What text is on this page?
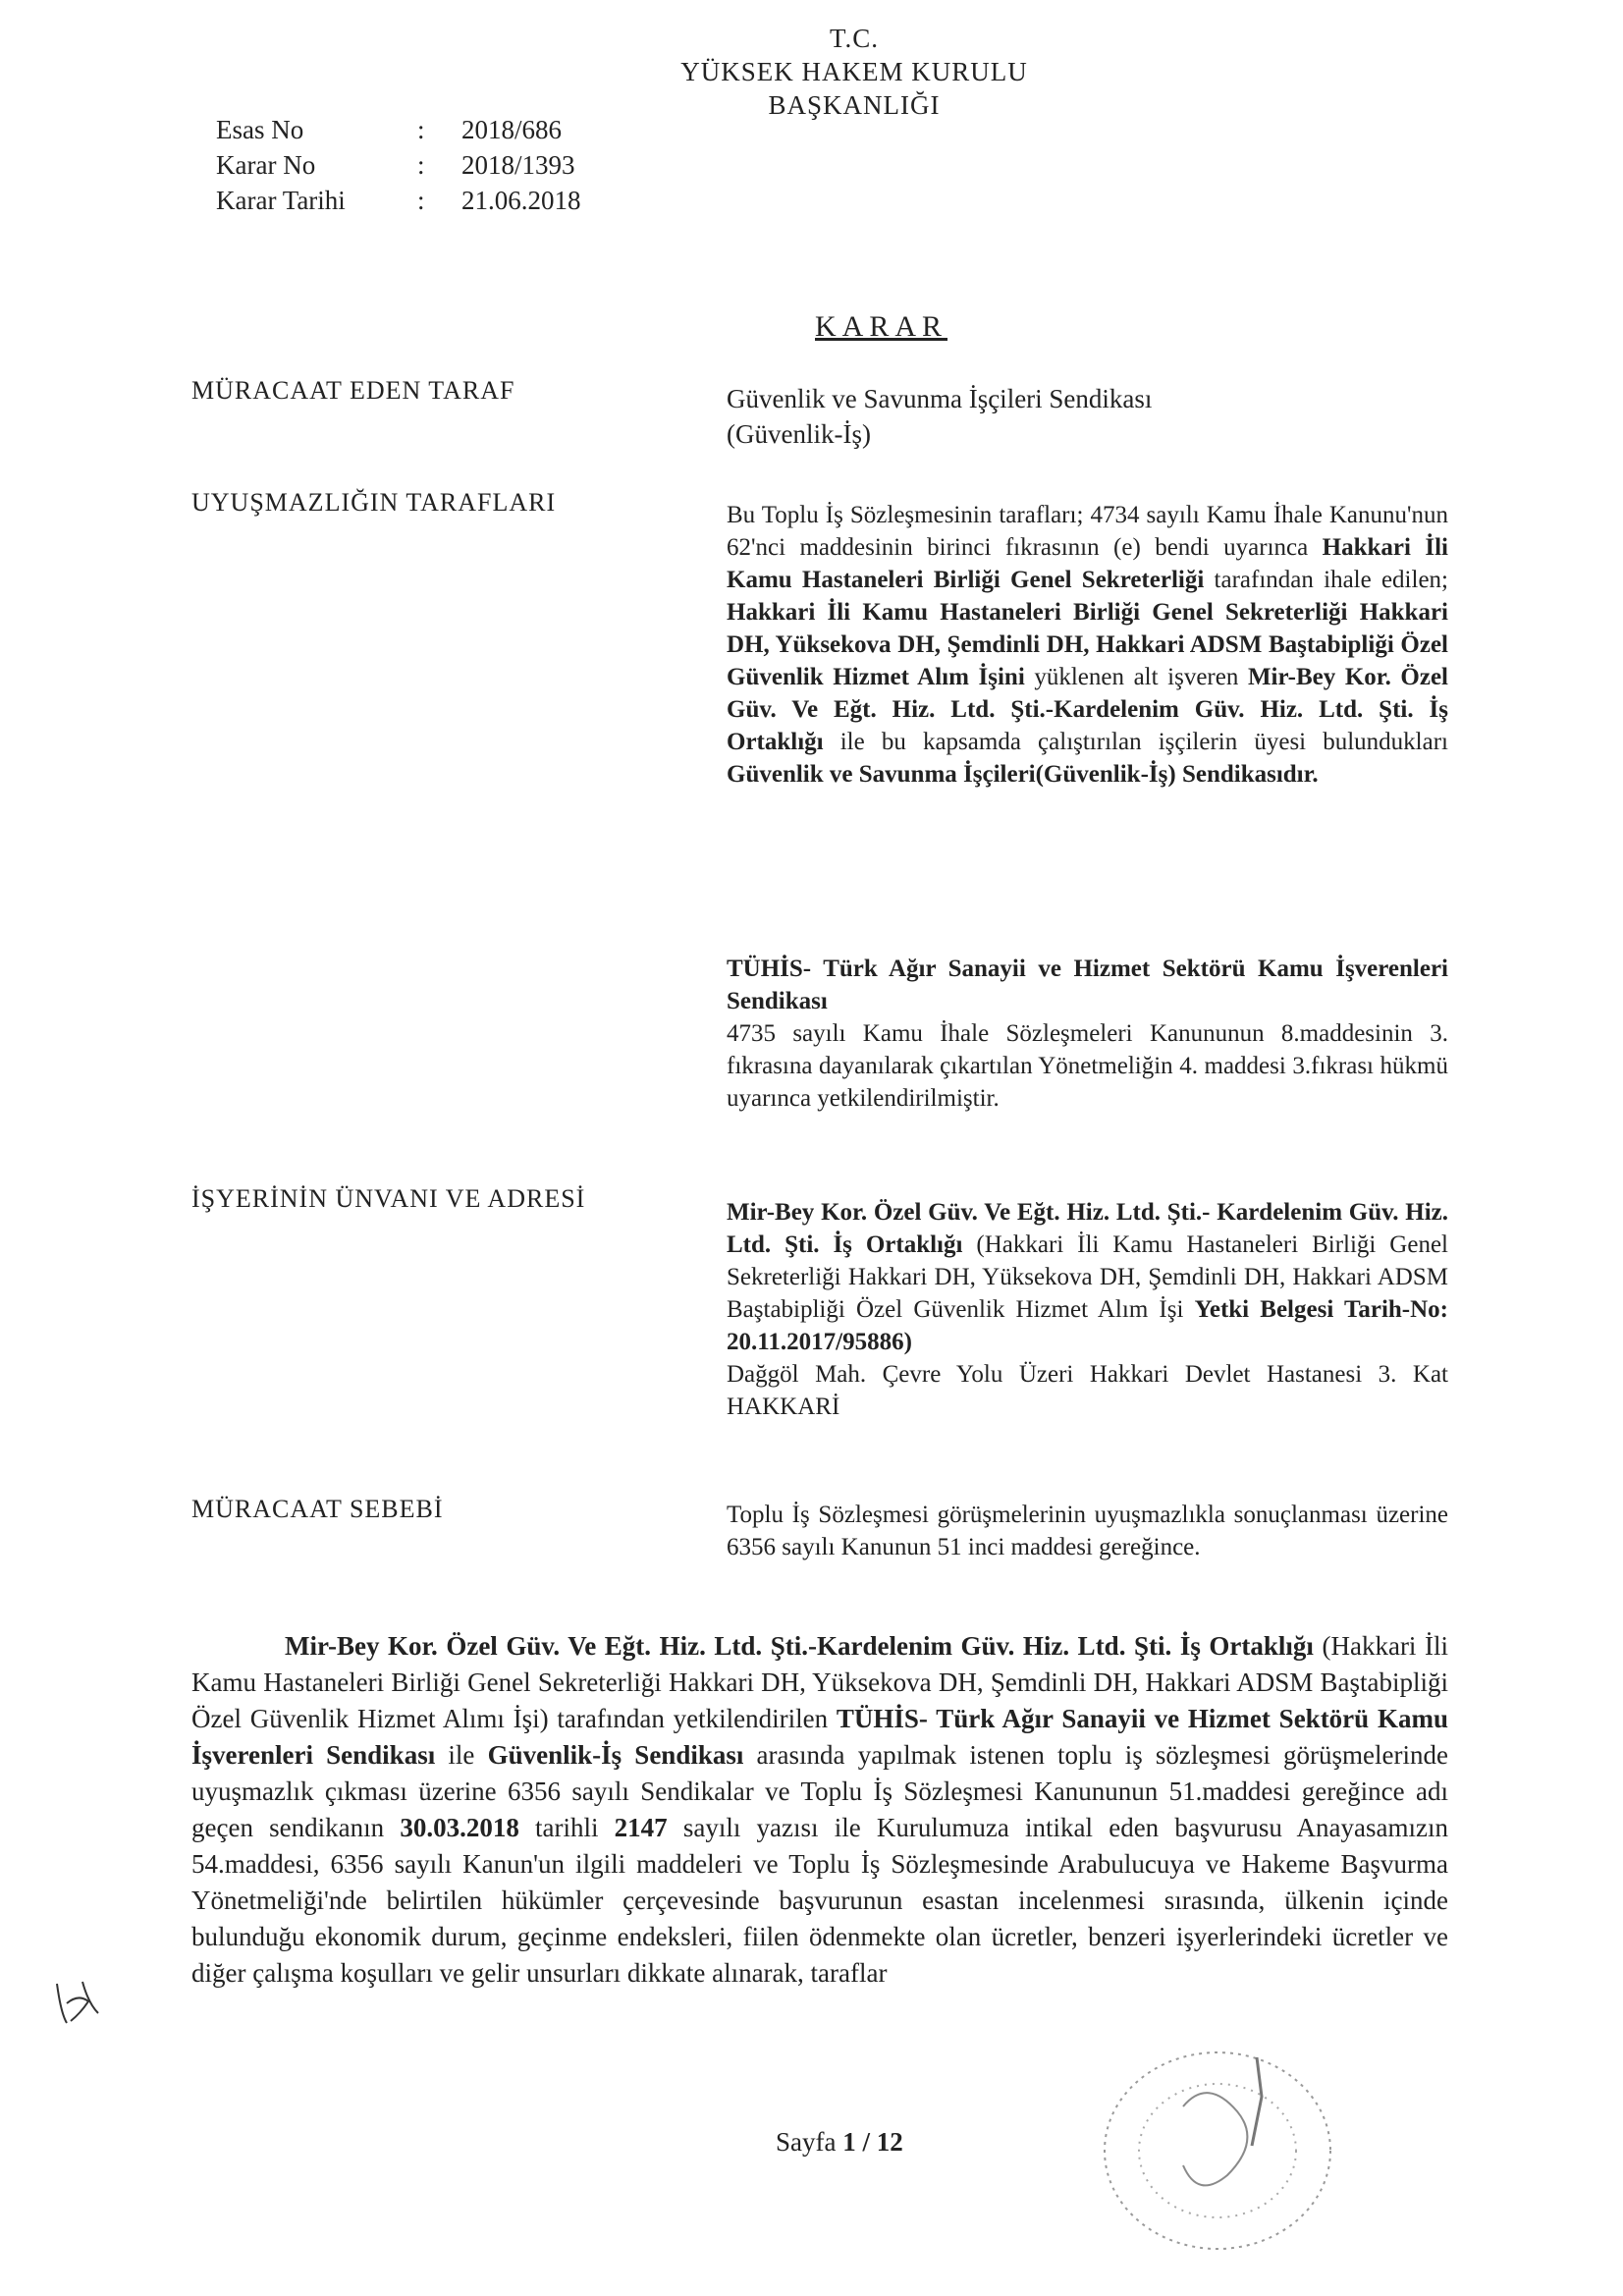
T.C.
YÜKSEK HAKEM KURULU
BAŞKANLIĞI
Esas No	:	2018/686
Karar No	:	2018/1393
Karar Tarihi	:	21.06.2018
KARAR
MÜRACAAT EDEN TARAF	Güvenlik ve Savunma İşçileri Sendikası
(Güvenlik-İş)
UYUŞMAZLIĞIN TARAFLARI	Bu Toplu İş Sözleşmesinin tarafları; 4734 sayılı Kamu İhale Kanunu'nun 62'nci maddesinin birinci fıkrasının (e) bendi uyarınca Hakkari İli Kamu Hastaneleri Birliği Genel Sekreterliği tarafından ihale edilen; Hakkari İli Kamu Hastaneleri Birliği Genel Sekreterliği Hakkari DH, Yüksekova DH, Şemdinli DH, Hakkari ADSM Baştabipliği Özel Güvenlik Hizmet Alım İşini yüklenen alt işveren Mir-Bey Kor. Özel Güv. Ve Eğt. Hiz. Ltd. Şti.-Kardelenim Güv. Hiz. Ltd. Şti. İş Ortaklığı ile bu kapsamda çalıştırılan işçilerin üyesi bulundukları Güvenlik ve Savunma İşçileri(Güvenlik-İş) Sendikasıdır.
TÜHİS- Türk Ağır Sanayii ve Hizmet Sektörü Kamu İşverenleri Sendikası
4735 sayılı Kamu İhale Sözleşmeleri Kanununun 8.maddesinin 3. fıkrasına dayanılarak çıkartılan Yönetmeliğin 4. maddesi 3.fıkrası hükmü uyarınca yetkilendirilmiştir.
İŞYERİNİN ÜNVANI VE ADRESİ	Mir-Bey Kor. Özel Güv. Ve Eğt. Hiz. Ltd. Şti.- Kardelenim Güv. Hiz. Ltd. Şti. İş Ortaklığı (Hakkari İli Kamu Hastaneleri Birliği Genel Sekreterliği Hakkari DH, Yüksekova DH, Şemdinli DH, Hakkari ADSM Baştabipliği Özel Güvenlik Hizmet Alım İşi Yetki Belgesi Tarih-No: 20.11.2017/95886)
Dağgöl Mah. Çevre Yolu Üzeri Hakkari Devlet Hastanesi 3. Kat HAKKARİ
MÜRACAAT SEBEBİ	Toplu İş Sözleşmesi görüşmelerinin uyuşmazlıkla sonuçlanması üzerine 6356 sayılı Kanunun 51 inci maddesi gereğince.
Mir-Bey Kor. Özel Güv. Ve Eğt. Hiz. Ltd. Şti.-Kardelenim Güv. Hiz. Ltd. Şti. İş Ortaklığı (Hakkari İli Kamu Hastaneleri Birliği Genel Sekreterliği Hakkari DH, Yüksekova DH, Şemdinli DH, Hakkari ADSM Baştabipliği Özel Güvenlik Hizmet Alımı İşi) tarafından yetkilendirilen TÜHİS- Türk Ağır Sanayii ve Hizmet Sektörü Kamu İşverenleri Sendikası ile Güvenlik-İş Sendikası arasında yapılmak istenen toplu iş sözleşmesi görüşmelerinde uyuşmazlık çıkması üzerine 6356 sayılı Sendikalar ve Toplu İş Sözleşmesi Kanununun 51.maddesi gereğince adı geçen sendikanın 30.03.2018 tarihli 2147 sayılı yazısı ile Kurulumuza intikal eden başvurusu Anayasamızın 54.maddesi, 6356 sayılı Kanun'un ilgili maddeleri ve Toplu İş Sözleşmesinde Arabulucuya ve Hakeme Başvurma Yönetmeliği'nde belirtilen hükümler çerçevesinde başvurunun esastan incelenmesi sırasında, ülkenin içinde bulunduğu ekonomik durum, geçinme endeksleri, fiilen ödenmekte olan ücretler, benzeri işyerlerindeki ücretler ve diğer çalışma koşulları ve gelir unsurları dikkate alınarak, taraflar
Sayfa 1 / 12
